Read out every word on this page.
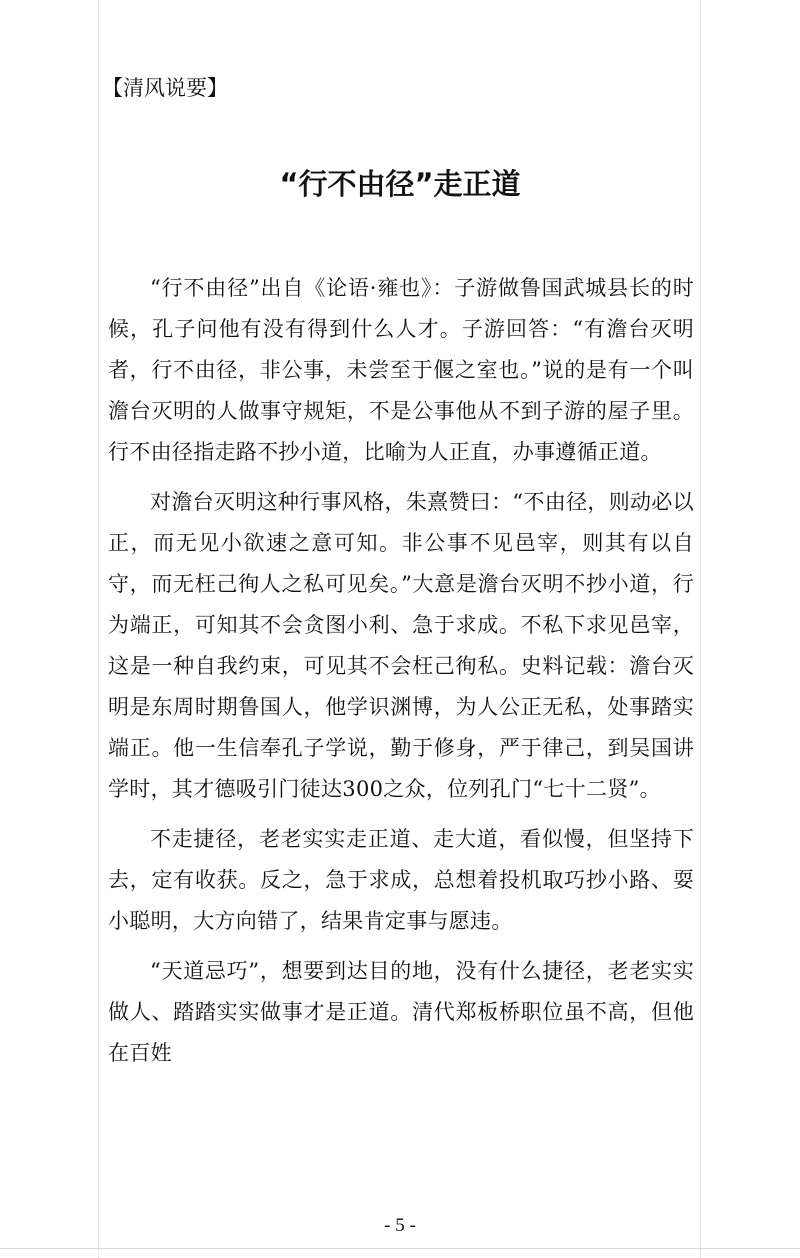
【清风说要】
“行不由径”走正道

“行不由径”出自《论语·雍也》：子游做鲁国武城县长的时候，孔子问他有没有得到什么人才。子游回答：“有澹台灭明者，行不由径，非公事，未尝至于偃之室也。”说的是有一个叫澹台灭明的人做事守规矩，不是公事他从不到子游的屋子里。行不由径指走路不抄小道，比喻为人正直，办事遵循正道。

对澹台灭明这种行事风格，朱熹赞曰：“不由径，则动必以正，而无见小欲速之意可知。非公事不见邑宰，则其有以自守，而无枉己徇人之私可见矣。”大意是澹台灭明不抄小道，行为端正，可知其不会贪图小利、急于求成。不私下求见邑宰，这是一种自我约束，可见其不会枉己徇私。史料记载：澹台灭明是东周时期鲁国人，他学识渊博，为人公正无私，处事踏实端正。他一生信奉孔子学说，勤于修身，严于律己，到吴国讲学时，其才德吸引门徒达300之众，位列孔门“七十二贤”。

不走捷径，老老实实走正道、走大道，看似慢，但坚持下去，定有收获。反之，急于求成，总想着投机取巧抄小路、耍小聪明，大方向错了，结果肯定事与愿违。

“天道忌巧”，想要到达目的地，没有什么捷径，老老实实做人、踏踏实实做事才是正道。清代郑板桥职位虽不高，但他在百姓

- 5 -
